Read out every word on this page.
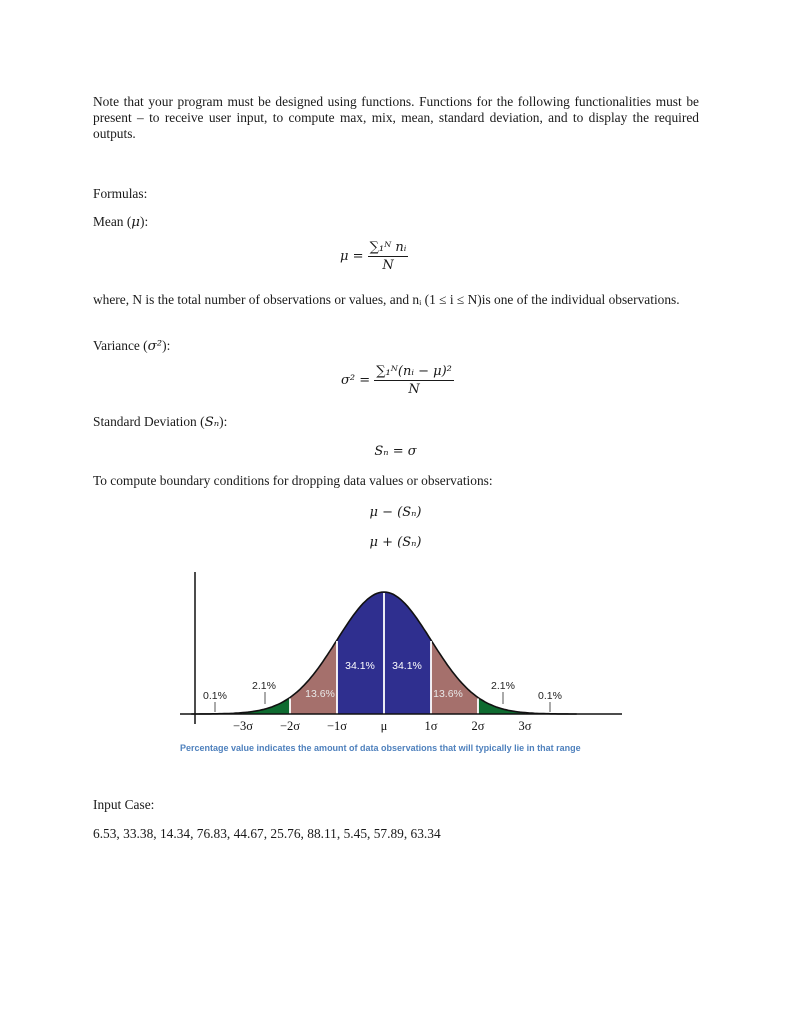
Note that your program must be designed using functions. Functions for the following functionalities must be present – to receive user input, to compute max, mix, mean, standard deviation, and to display the required outputs.
Formulas:
Mean (μ):
$\mu = \frac{\text{∑₁ᴺ nᵢ}}{N}$
where, N is the total number of observations or values, and nᵢ (1 ≤ i ≤ N)is one of the individual observations.
Variance (σ²):
$\sigma^2 = \frac{\text{∑₁ᴺ(nᵢ − μ)²}}{N}$
Standard Deviation (Sₙ):
Sₙ = σ
To compute boundary conditions for dropping data values or observations:
μ − (Sₙ)
μ + (Sₙ)
0.1%
2.1%
13.6%
34.1% 34.1%
13.6%
2.1%
0.1%
−3σ −2σ −1σ	μ	1σ	2σ	3σ
Percentage value indicates the amount of data observations that will typically lie in that range
Input Case:
6.53, 33.38, 14.34, 76.83, 44.67, 25.76, 88.11, 5.45, 57.89, 63.34
